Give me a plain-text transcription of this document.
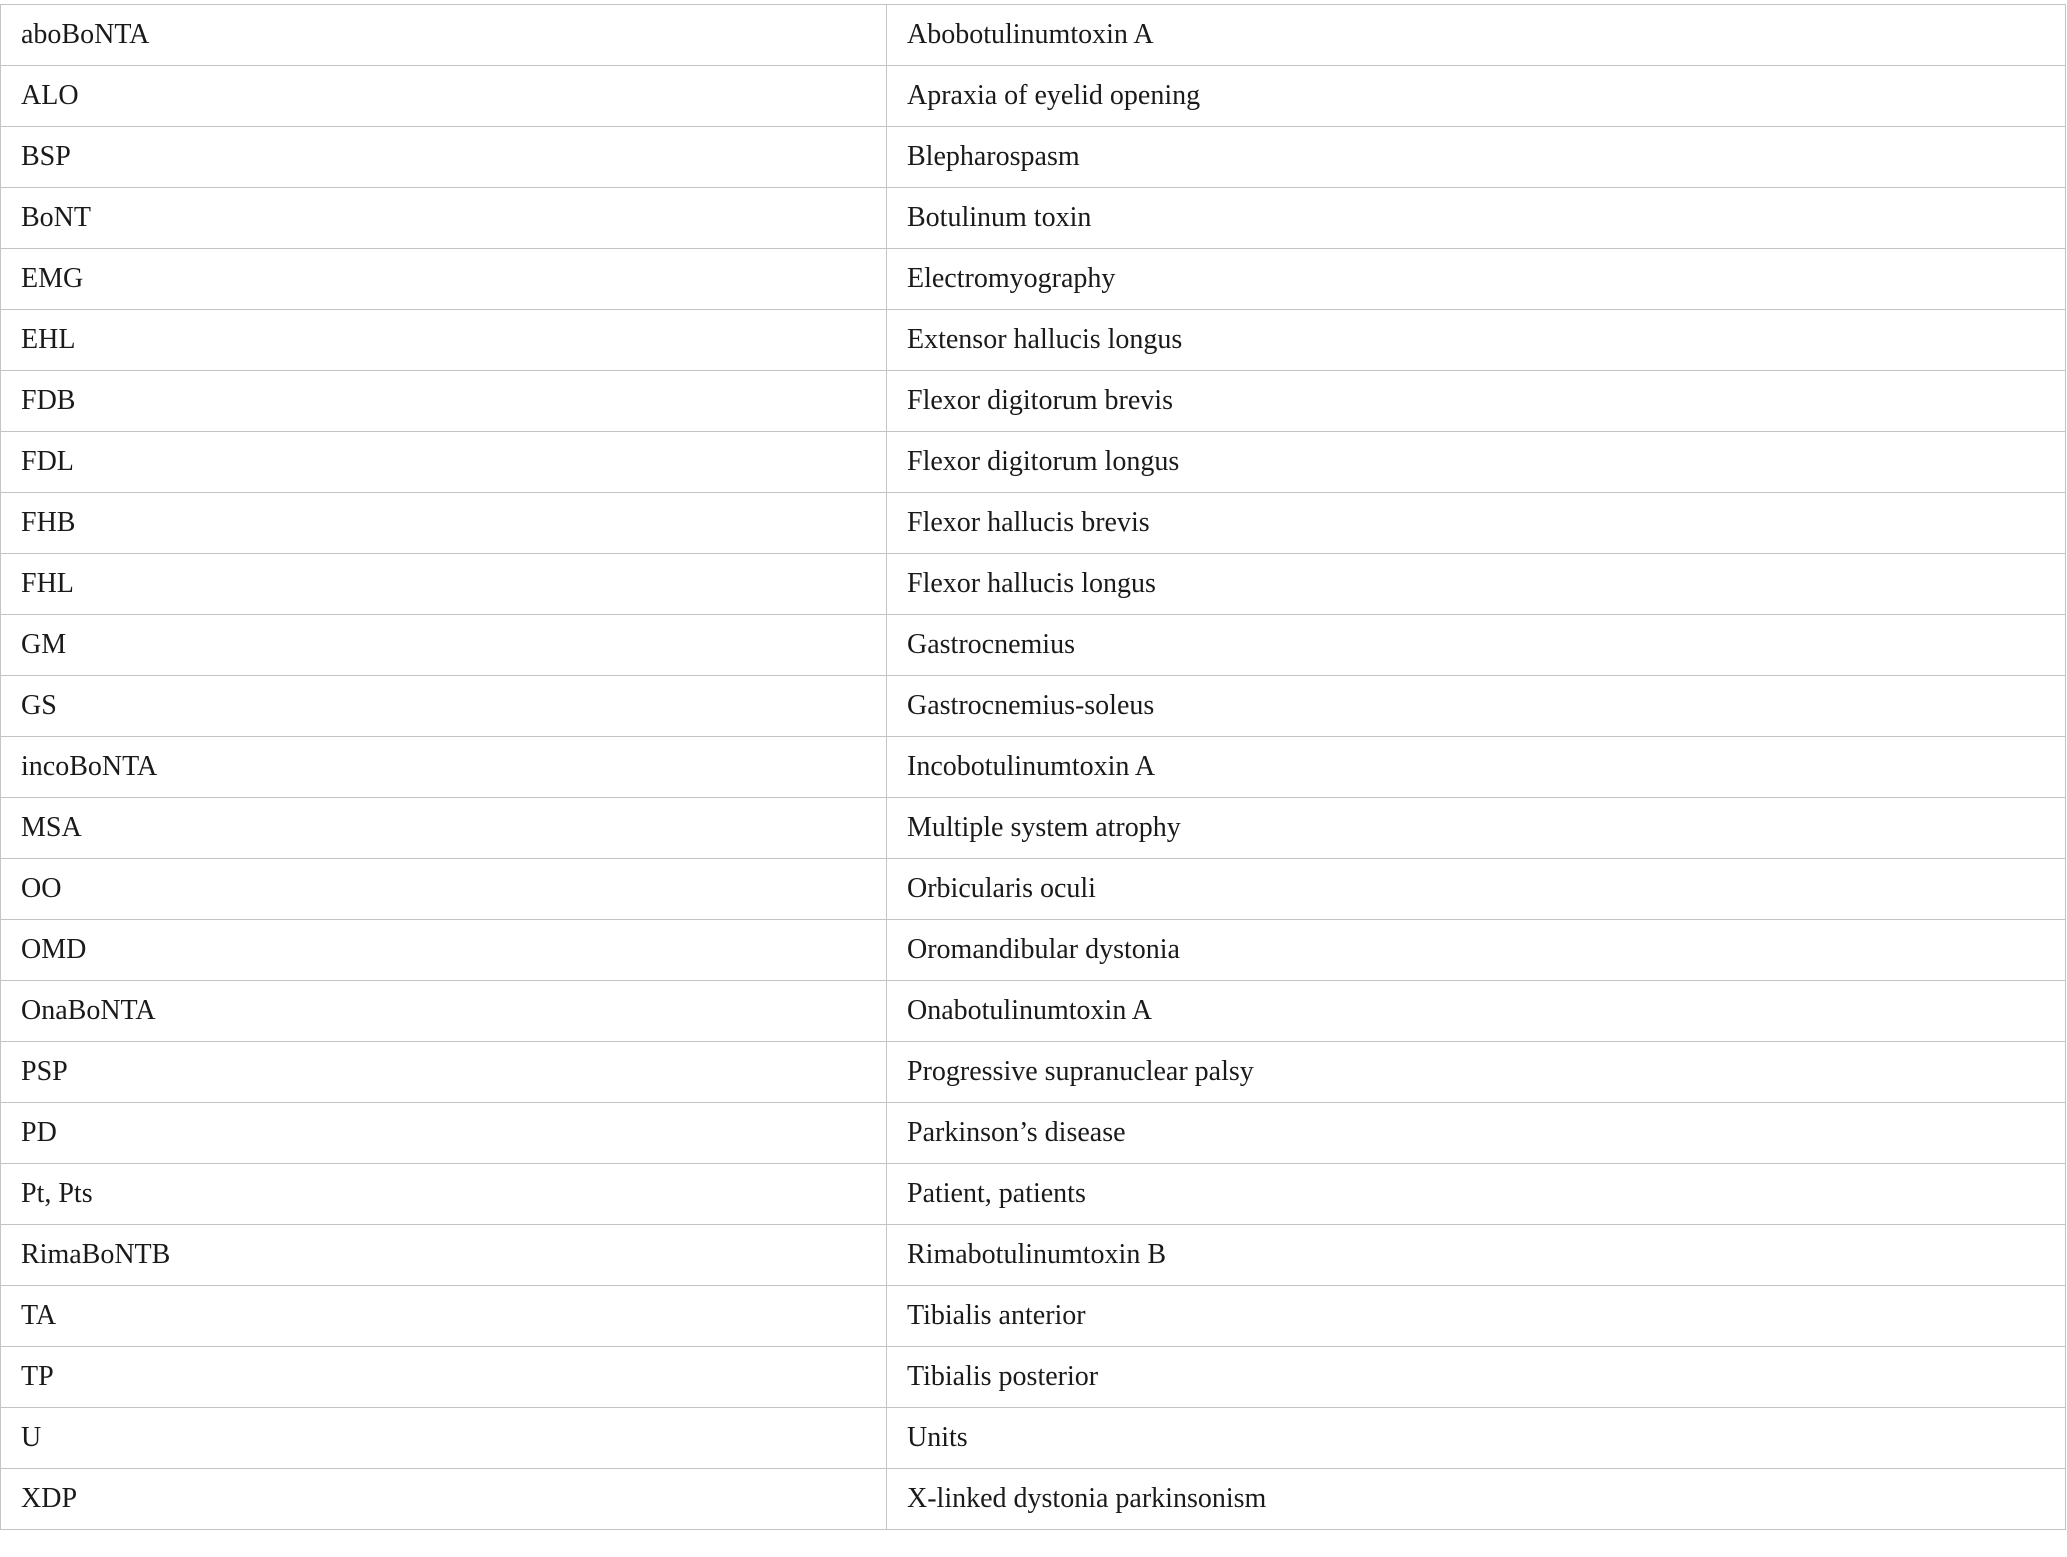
aboBoNTA	Abobotulinumtoxin A
ALO	Apraxia of eyelid opening
BSP	Blepharospasm
BoNT	Botulinum toxin
EMG	Electromyography
EHL	Extensor hallucis longus
FDB	Flexor digitorum brevis
FDL	Flexor digitorum longus
FHB	Flexor hallucis brevis
FHL	Flexor hallucis longus
GM	Gastrocnemius
GS	Gastrocnemius-soleus
incoBoNTA	Incobotulinumtoxin A
MSA	Multiple system atrophy
OO	Orbicularis oculi
OMD	Oromandibular dystonia
OnaBoNTA	Onabotulinumtoxin A
PSP	Progressive supranuclear palsy
PD	Parkinson’s disease
Pt, Pts	Patient, patients
RimaBoNTB	Rimabotulinumtoxin B
TA	Tibialis anterior
TP	Tibialis posterior
U	Units
XDP	X-linked dystonia parkinsonism
